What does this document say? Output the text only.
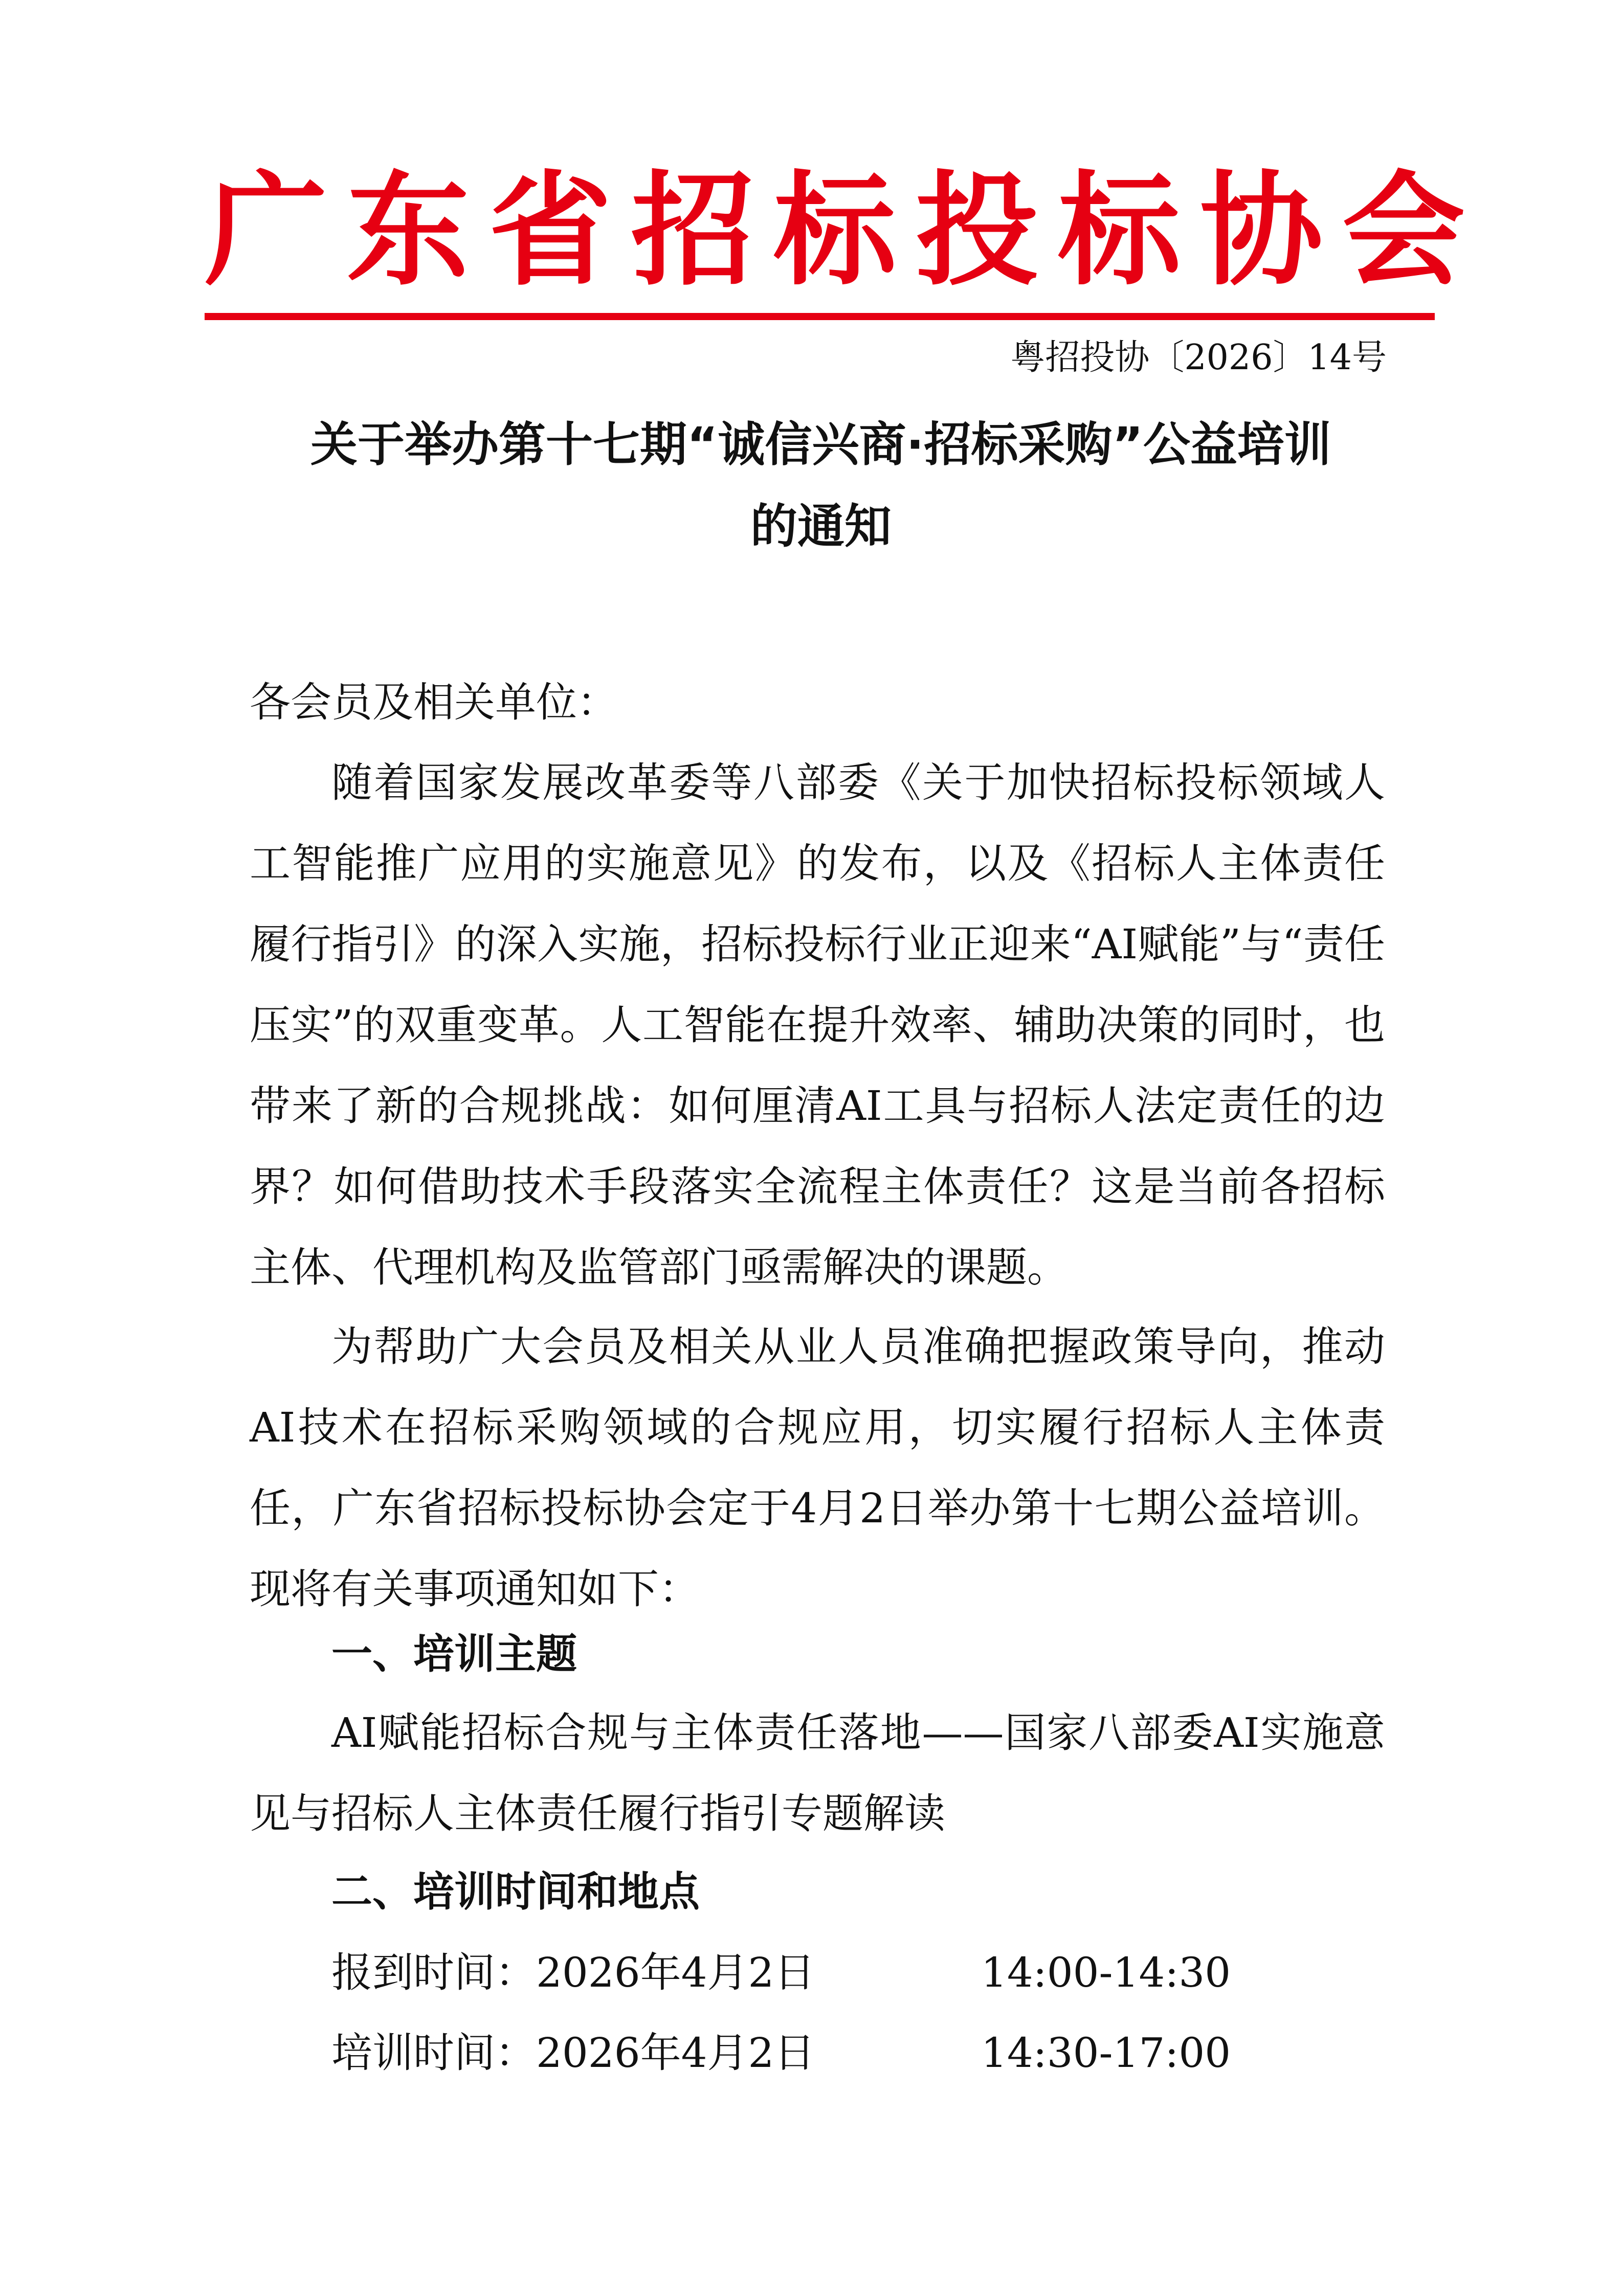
广东省招标投标协会
粤招投协〔2026〕14号
关于举办第十七期“诚信兴商·招标采购”公益培训
的通知
各会员及相关单位：

随着国家发展改革委等八部委《关于加快招标投标领域人工智能推广应用的实施意见》的发布，以及《招标人主体责任履行指引》的深入实施，招标投标行业正迎来“AI赋能”与“责任压实”的双重变革。人工智能在提升效率、辅助决策的同时，也带来了新的合规挑战：如何厘清AI工具与招标人法定责任的边界？如何借助技术手段落实全流程主体责任？这是当前各招标主体、代理机构及监管部门亟需解决的课题。

为帮助广大会员及相关从业人员准确把握政策导向，推动AI技术在招标采购领域的合规应用，切实履行招标人主体责任，广东省招标投标协会定于4月2日举办第十七期公益培训。现将有关事项通知如下：

一、培训主题

AI赋能招标合规与主体责任落地——国家八部委AI实施意见与招标人主体责任履行指引专题解读

二、培训时间和地点
报到时间：2026年4月2日	14:00-14:30
培训时间：2026年4月2日	14:30-17:00
